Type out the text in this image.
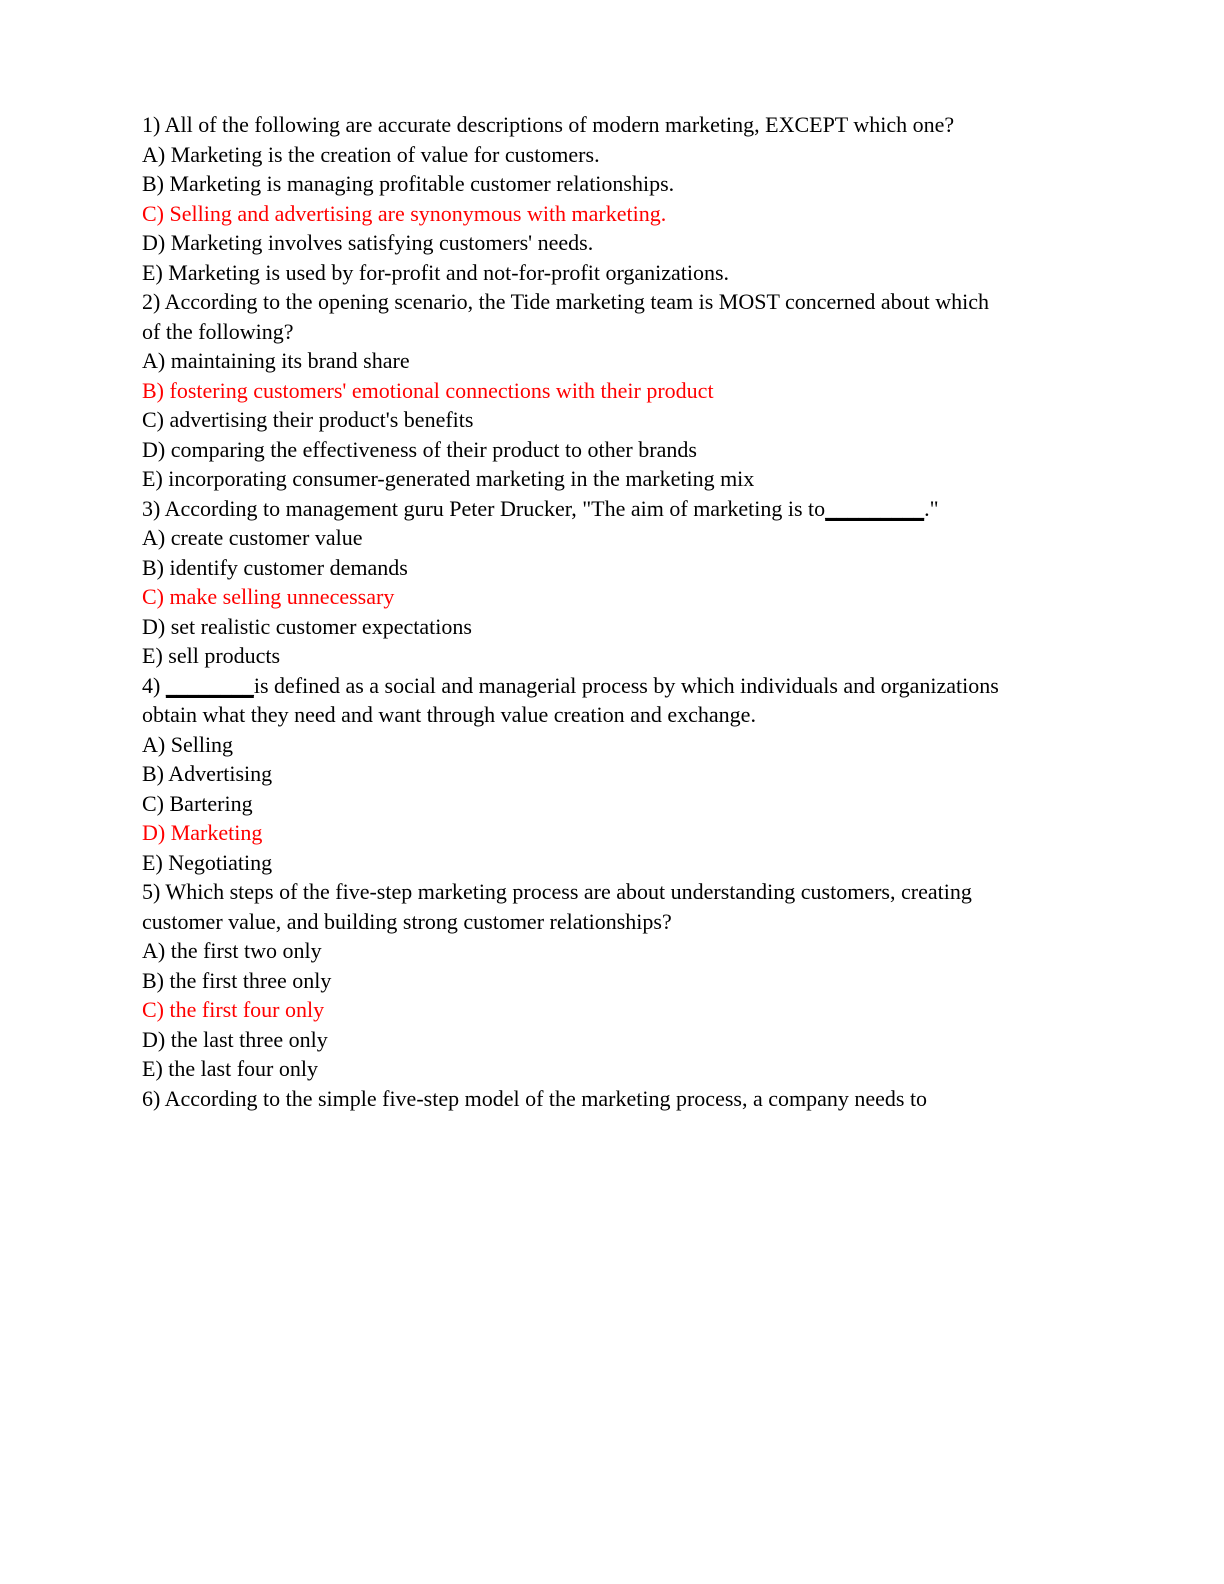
1) All of the following are accurate descriptions of modern marketing, EXCEPT which one?

A) Marketing is the creation of value for customers.

B) Marketing is managing profitable customer relationships.

C) Selling and advertising are synonymous with marketing.

D) Marketing involves satisfying customers' needs.

E) Marketing is used by for-profit and not-for-profit organizations.

2) According to the opening scenario, the Tide marketing team is MOST concerned about which

of the following?

A) maintaining its brand share

B) fostering customers' emotional connections with their product

C) advertising their product's benefits

D) comparing the effectiveness of their product to other brands

E) incorporating consumer-generated marketing in the marketing mix

3) According to management guru Peter Drucker, "The aim of marketing is to_________."

A) create customer value

B) identify customer demands

C) make selling unnecessary

D) set realistic customer expectations

E) sell products

4) ________is defined as a social and managerial process by which individuals and organizations

obtain what they need and want through value creation and exchange.

A) Selling

B) Advertising

C) Bartering

D) Marketing

E) Negotiating

5) Which steps of the five-step marketing process are about understanding customers, creating

customer value, and building strong customer relationships?

A) the first two only

B) the first three only

C) the first four only

D) the last three only

E) the last four only

6) According to the simple five-step model of the marketing process, a company needs to
